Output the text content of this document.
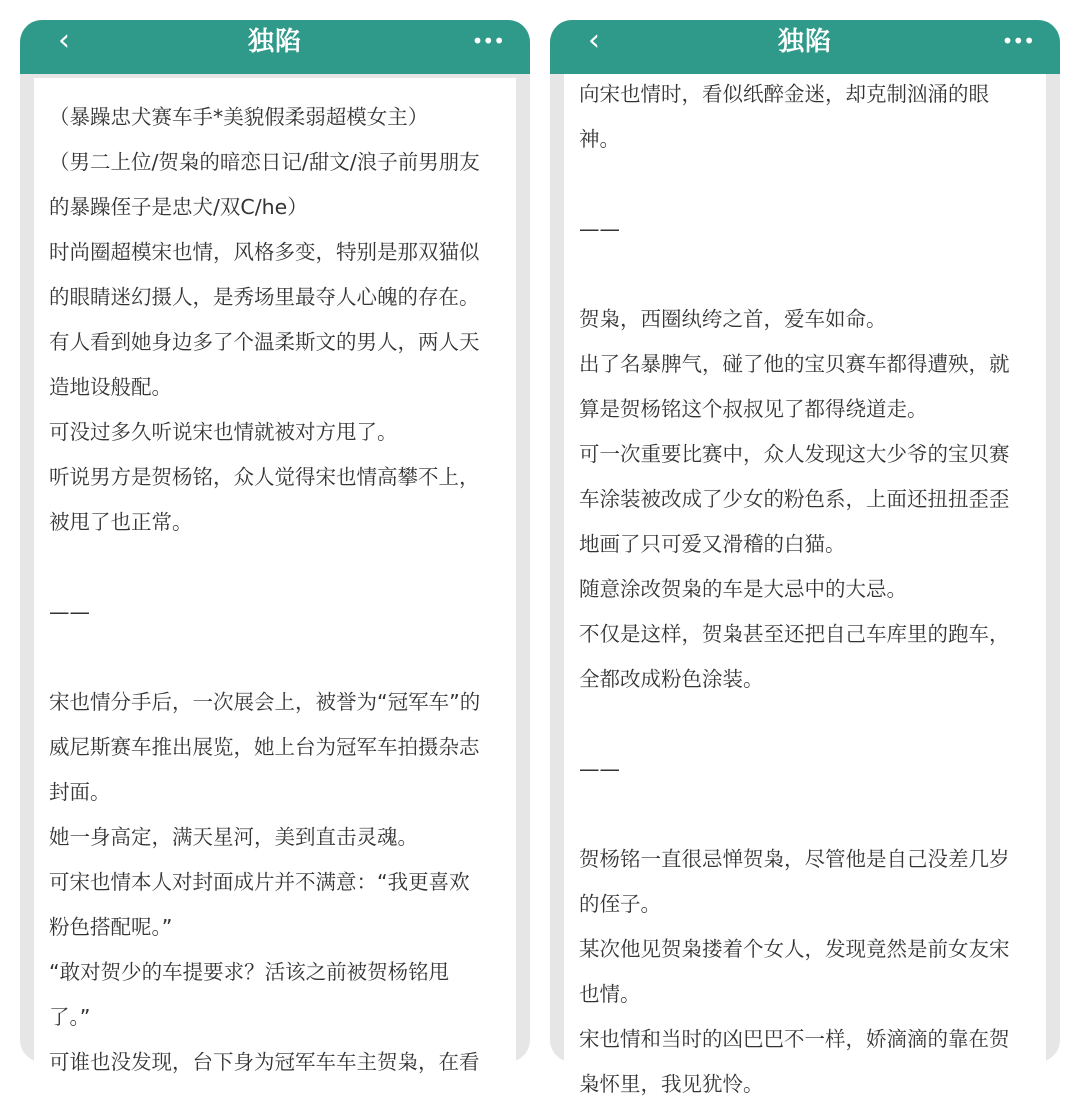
‹	独陷	•••
（暴躁忠犬赛车手*美貌假柔弱超模女主）
（男二上位/贺枭的暗恋日记/甜文/浪子前男朋友
的暴躁侄子是忠犬/双C/he）
时尚圈超模宋也情，风格多变，特别是那双猫似
的眼睛迷幻摄人，是秀场里最夺人心魄的存在。
有人看到她身边多了个温柔斯文的男人，两人天
造地设般配。
可没过多久听说宋也情就被对方甩了。
听说男方是贺杨铭，众人觉得宋也情高攀不上，
被甩了也正常。
——
宋也情分手后，一次展会上，被誉为“冠军车”的
威尼斯赛车推出展览，她上台为冠军车拍摄杂志
封面。
她一身高定，满天星河，美到直击灵魂。
可宋也情本人对封面成片并不满意：“我更喜欢
粉色搭配呢。”
“敢对贺少的车提要求？活该之前被贺杨铭甩
了。”
可谁也没发现，台下身为冠军车车主贺枭，在看
‹	独陷	•••
向宋也情时，看似纸醉金迷，却克制汹涌的眼
神。
——
贺枭，西圈纨绔之首，爱车如命。
出了名暴脾气，碰了他的宝贝赛车都得遭殃，就
算是贺杨铭这个叔叔见了都得绕道走。
可一次重要比赛中，众人发现这大少爷的宝贝赛
车涂装被改成了少女的粉色系，上面还扭扭歪歪
地画了只可爱又滑稽的白猫。
随意涂改贺枭的车是大忌中的大忌。
不仅是这样，贺枭甚至还把自己车库里的跑车，
全都改成粉色涂装。
——
贺杨铭一直很忌惮贺枭，尽管他是自己没差几岁
的侄子。
某次他见贺枭搂着个女人，发现竟然是前女友宋
也情。
宋也情和当时的凶巴巴不一样，娇滴滴的靠在贺
枭怀里，我见犹怜。
